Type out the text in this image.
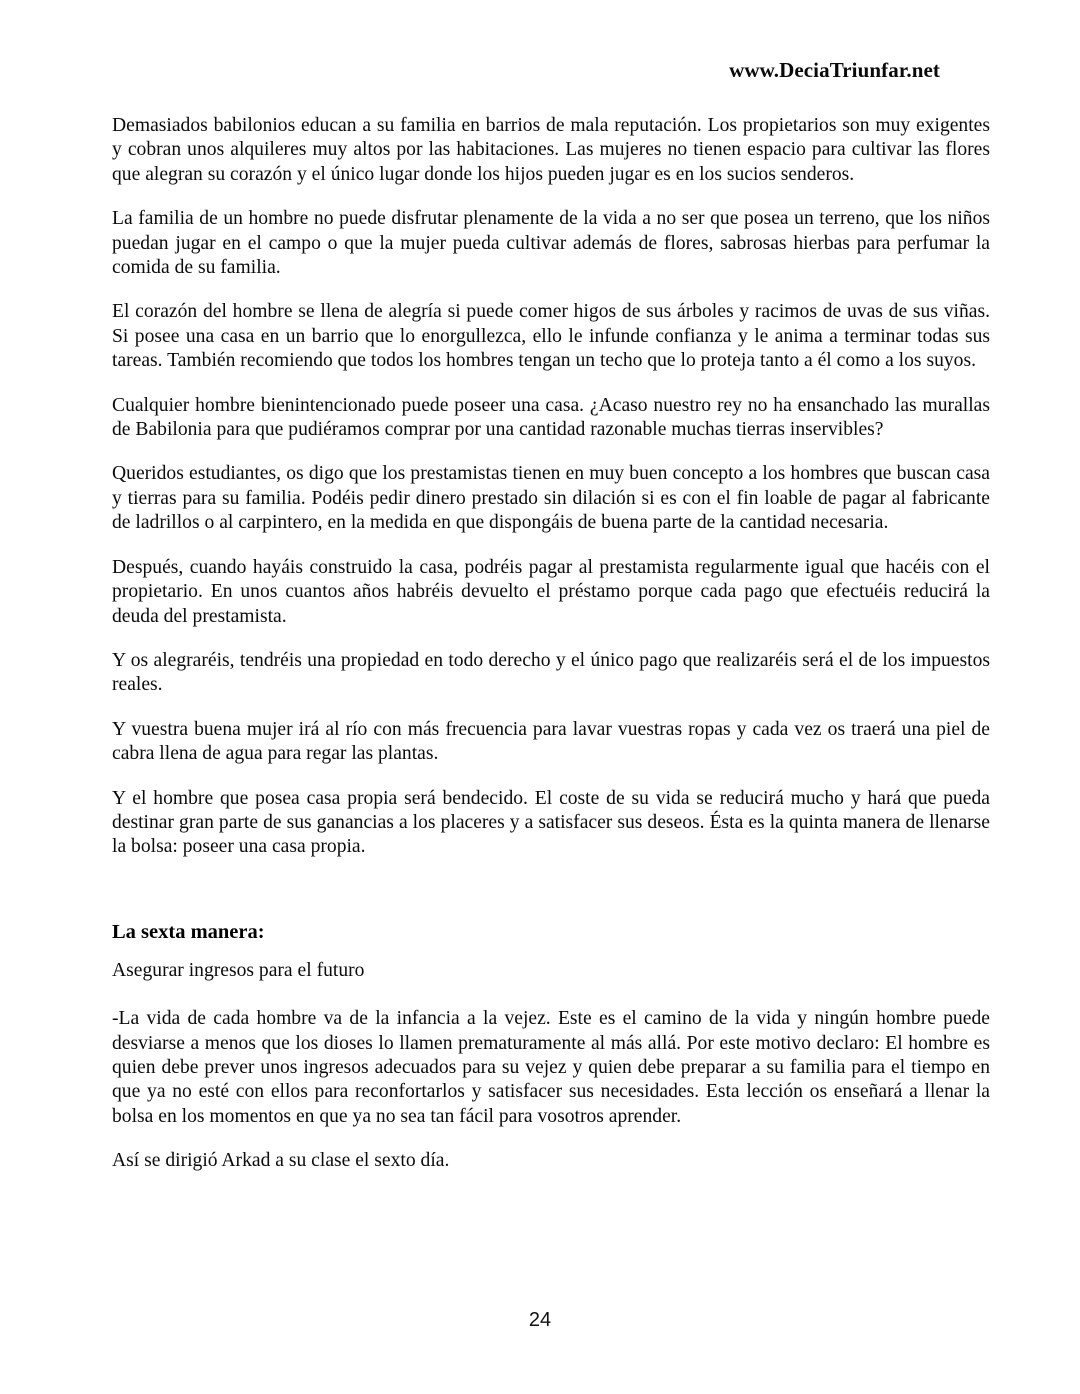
www.DeciaTriunfar.net

Demasiados babilonios educan a su familia en barrios de mala reputación. Los propietarios son muy exigentes y cobran unos alquileres muy altos por las habitaciones. Las mujeres no tienen espacio para cultivar las flores que alegran su corazón y el único lugar donde los hijos pueden jugar es en los sucios senderos.

La familia de un hombre no puede disfrutar plenamente de la vida a no ser que posea un terreno, que los niños puedan jugar en el campo o que la mujer pueda cultivar además de flores, sabrosas hierbas para perfumar la comida de su familia.

El corazón del hombre se llena de alegría si puede comer higos de sus árboles y racimos de uvas de sus viñas. Si posee una casa en un barrio que lo enorgullezca, ello le infunde confianza y le anima a terminar todas sus tareas. También recomiendo que todos los hombres tengan un techo que lo proteja tanto a él como a los suyos.

Cualquier hombre bienintencionado puede poseer una casa. ¿Acaso nuestro rey no ha ensanchado las murallas de Babilonia para que pudiéramos comprar por una cantidad razonable muchas tierras inservibles?

Queridos estudiantes, os digo que los prestamistas tienen en muy buen concepto a los hombres que buscan casa y tierras para su familia. Podéis pedir dinero prestado sin dilación si es con el fin loable de pagar al fabricante de ladrillos o al carpintero, en la medida en que dispongáis de buena parte de la cantidad necesaria.

Después, cuando hayáis construido la casa, podréis pagar al prestamista regularmente igual que hacéis con el propietario. En unos cuantos años habréis devuelto el préstamo porque cada pago que efectuéis reducirá la deuda del prestamista.

Y os alegraréis, tendréis una propiedad en todo derecho y el único pago que realizaréis será el de los impuestos reales.

Y vuestra buena mujer irá al río con más frecuencia para lavar vuestras ropas y cada vez os traerá una piel de cabra llena de agua para regar las plantas.

Y el hombre que posea casa propia será bendecido. El coste de su vida se reducirá mucho y hará que pueda destinar gran parte de sus ganancias a los placeres y a satisfacer sus deseos. Ésta es la quinta manera de llenarse la bolsa: poseer una casa propia.

La sexta manera:

Asegurar ingresos para el futuro

-La vida de cada hombre va de la infancia a la vejez. Este es el camino de la vida y ningún hombre puede desviarse a menos que los dioses lo llamen prematuramente al más allá. Por este motivo declaro: El hombre es quien debe prever unos ingresos adecuados para su vejez y quien debe preparar a su familia para el tiempo en que ya no esté con ellos para reconfortarlos y satisfacer sus necesidades. Esta lección os enseñará a llenar la bolsa en los momentos en que ya no sea tan fácil para vosotros aprender.

Así se dirigió Arkad a su clase el sexto día.

24
